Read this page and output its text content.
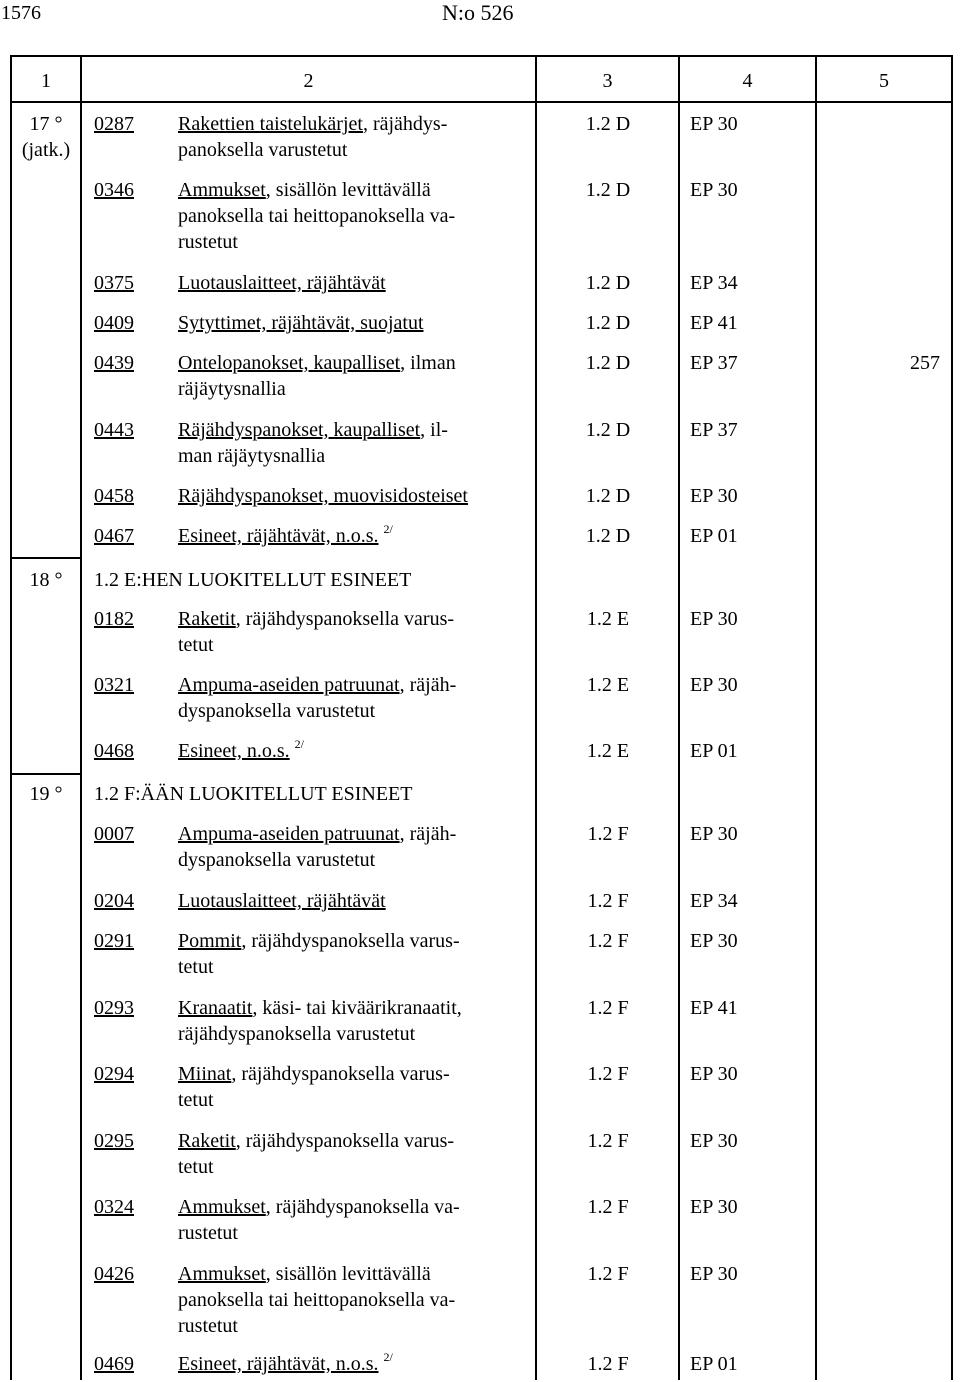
1576	N:o 526
1	2	3	4	5
17 °
(jatk.)
0287	Rakettien taistelukärjet, räjähdys-
panoksella varustetut
1.2 D	EP 30
0346	Ammukset, sisällön levittävällä
panoksella tai heittopanoksella va-
rustetut
1.2 D	EP 30
0375	Luotauslaitteet, räjähtävät	1.2 D	EP 34
0409	Sytyttimet, räjähtävät, suojatut	1.2 D	EP 41
0439	Ontelopanokset, kaupalliset, ilman
räjäytysnallia
1.2 D	EP 37	257
0443	Räjähdyspanokset, kaupalliset, il-
man räjäytysnallia
1.2 D	EP 37
0458	Räjähdyspanokset, muovisidosteiset	1.2 D	EP 30
0467	Esineet, räjähtävät, n.o.s. $^{2/}$	1.2 D	EP 01
18 °	1.2 E:HEN LUOKITELLUT ESINEET
0182	Raketit, räjähdyspanoksella varus-
tetut
1.2 E	EP 30
0321	Ampuma-aseiden patruunat, räjäh-
dyspanoksella varustetut
1.2 E	EP 30
0468	Esineet, n.o.s. $^{2/}$	1.2 E	EP 01
19 °	1.2 F:ÄÄN LUOKITELLUT ESINEET
0007	Ampuma-aseiden patruunat, räjäh-
dyspanoksella varustetut
1.2 F	EP 30
0204	Luotauslaitteet, räjähtävät	1.2 F	EP 34
0291	Pommit, räjähdyspanoksella varus-
tetut
1.2 F	EP 30
0293	Kranaatit, käsi- tai kiväärikranaatit,
räjähdyspanoksella varustetut
1.2 F	EP 41
0294	Miinat, räjähdyspanoksella varus-
tetut
1.2 F	EP 30
0295	Raketit, räjähdyspanoksella varus-
tetut
1.2 F	EP 30
0324	Ammukset, räjähdyspanoksella va-
rustetut
1.2 F	EP 30
0426	Ammukset, sisällön levittävällä
panoksella tai heittopanoksella va-
rustetut
1.2 F	EP 30
0469	Esineet, räjähtävät, n.o.s. $^{2/}$	1.2 F	EP 01
